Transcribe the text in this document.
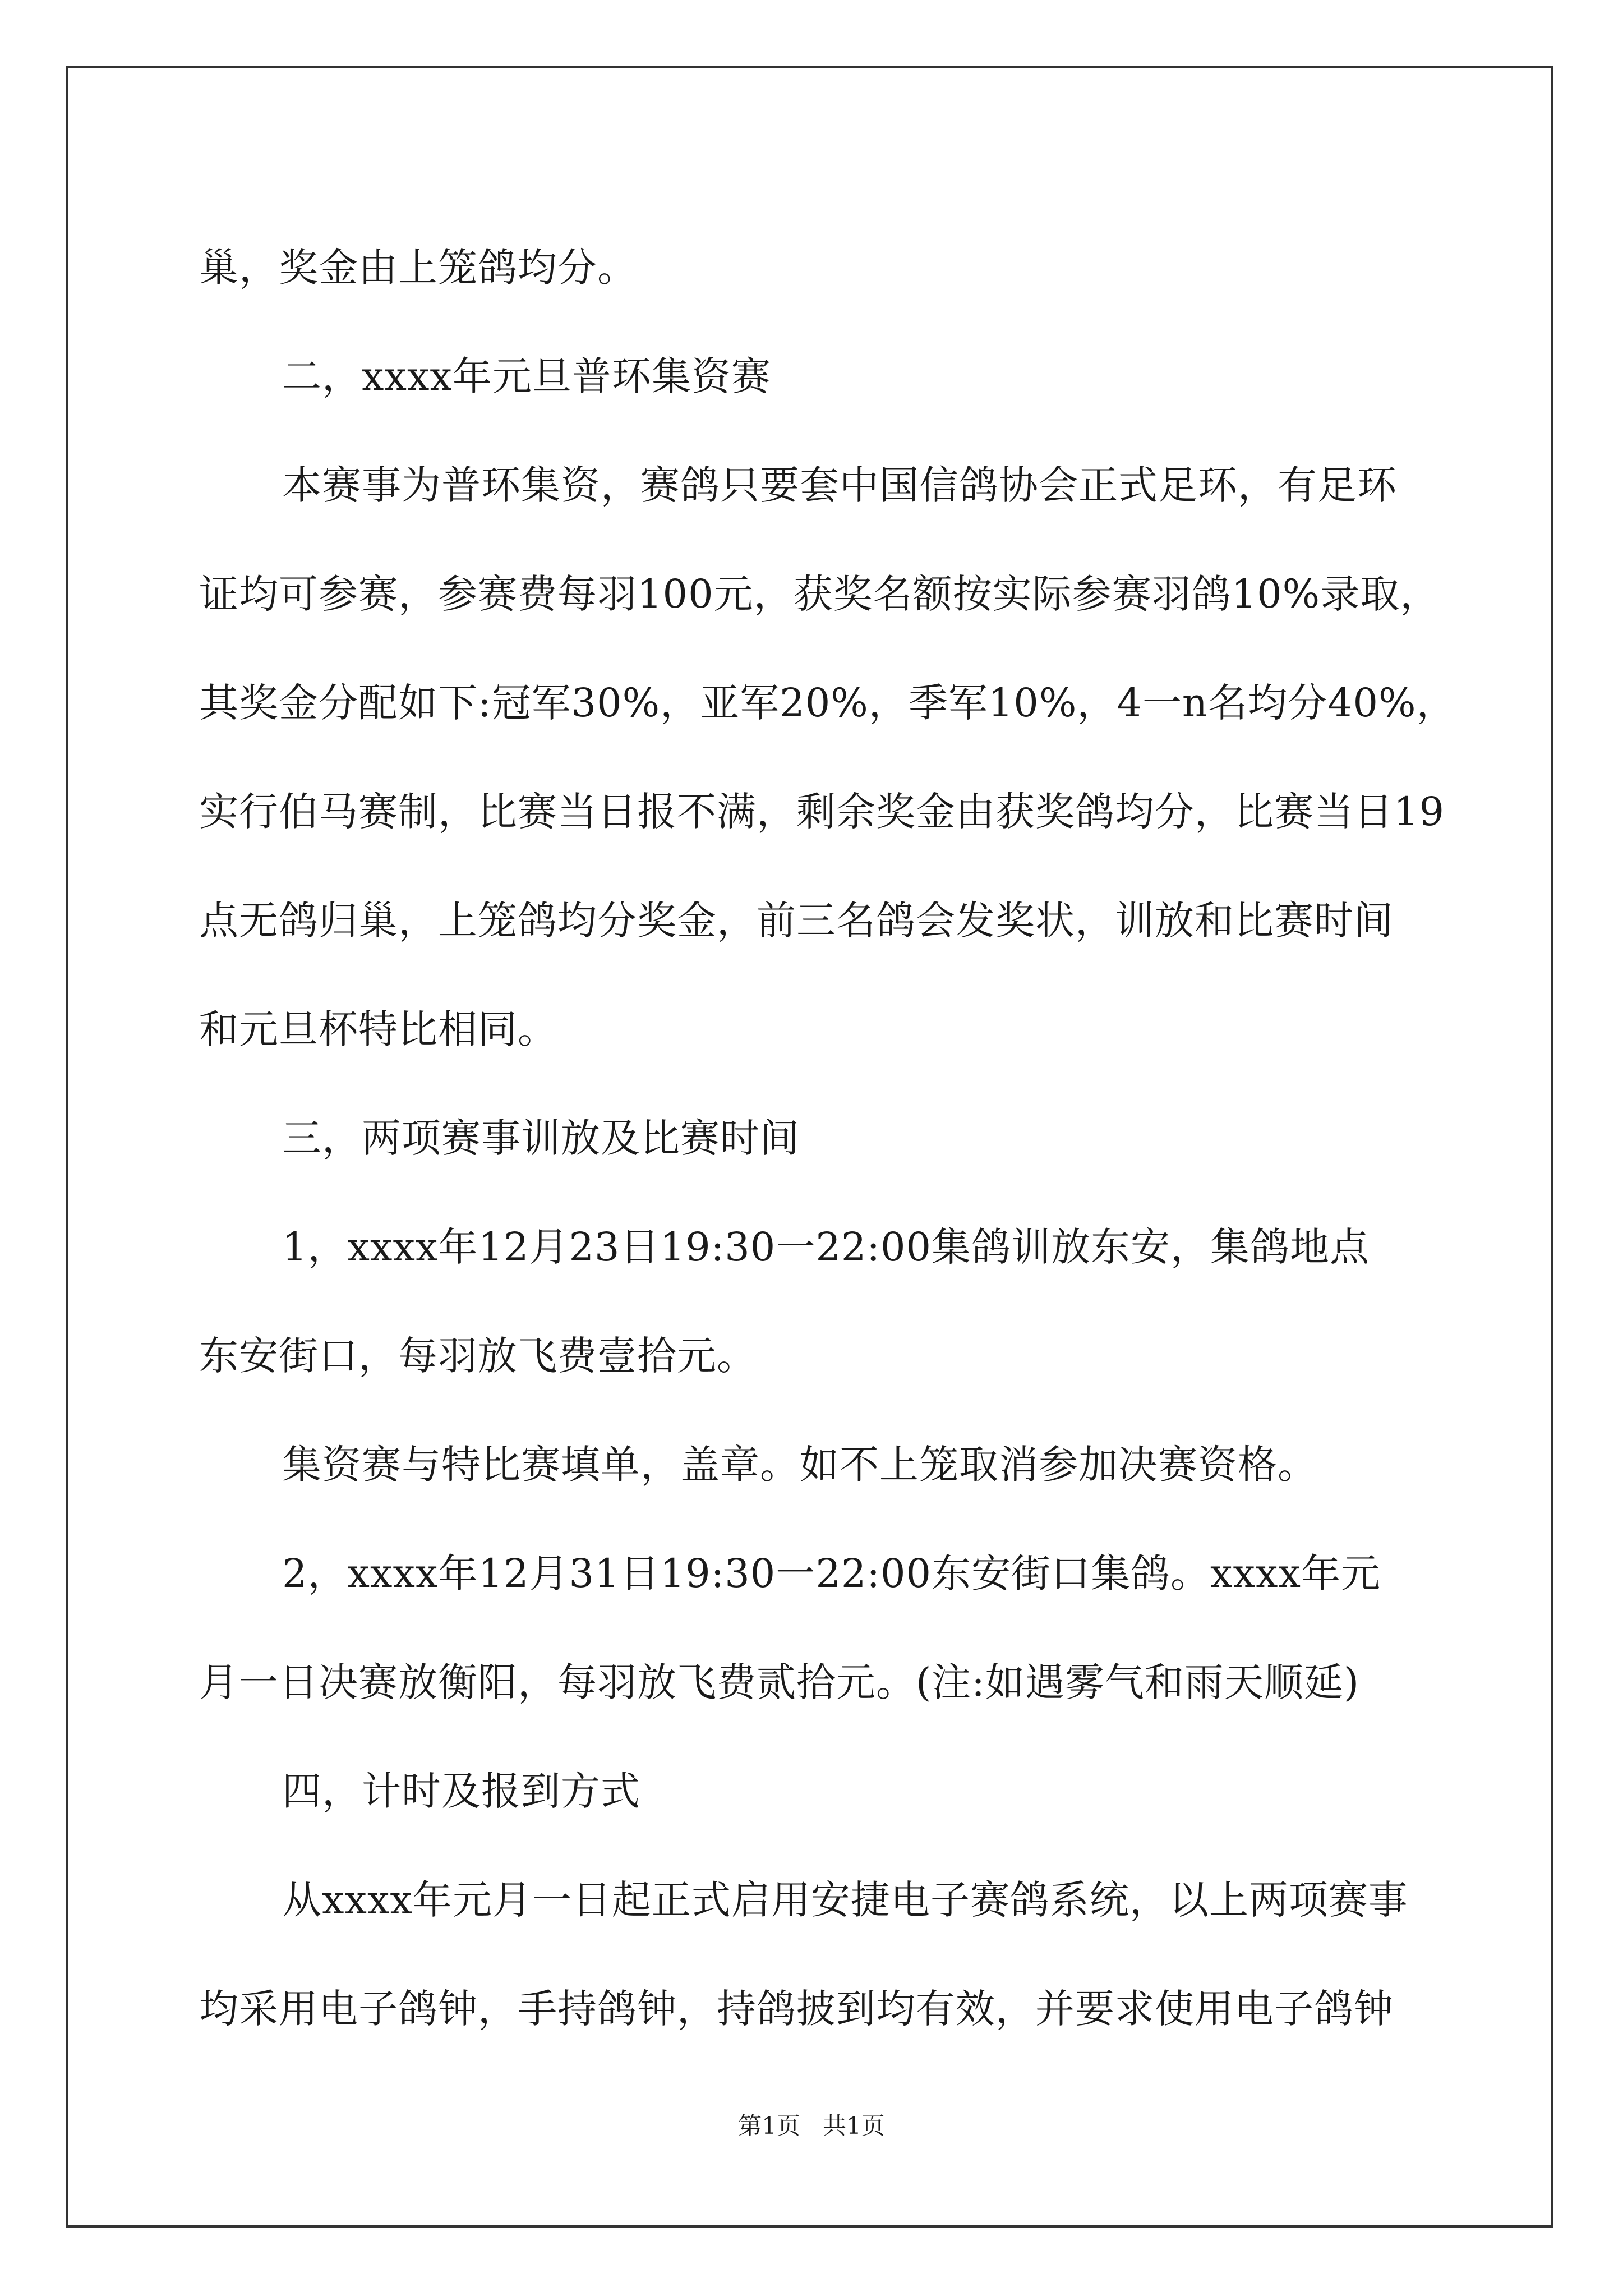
巢，奖金由上笼鸽均分。
二，xxxx年元旦普环集资赛
本赛事为普环集资，赛鸽只要套中国信鸽协会正式足环，有足环
证均可参赛，参赛费每羽100元，获奖名额按实际参赛羽鸽10%录取，
其奖金分配如下:冠军30%，亚军20%，季军10%，4一n名均分40%，
实行伯马赛制，比赛当日报不满，剩余奖金由获奖鸽均分，比赛当日19
点无鸽归巢，上笼鸽均分奖金，前三名鸽会发奖状，训放和比赛时间
和元旦杯特比相同。
三，两项赛事训放及比赛时间
1，xxxx年12月23日19:30一22:00集鸽训放东安，集鸽地点
东安街口，每羽放飞费壹拾元。
集资赛与特比赛填单，盖章。如不上笼取消参加决赛资格。
2，xxxx年12月31日19:30一22:00东安街口集鸽。xxxx年元
月一日决赛放衡阳，每羽放飞费贰拾元。(注:如遇雾气和雨天顺延)
四，计时及报到方式
从xxxx年元月一日起正式启用安捷电子赛鸽系统，以上两项赛事
均采用电子鸽钟，手持鸽钟，持鸽披到均有效，并要求使用电子鸽钟
第1页   共1页
